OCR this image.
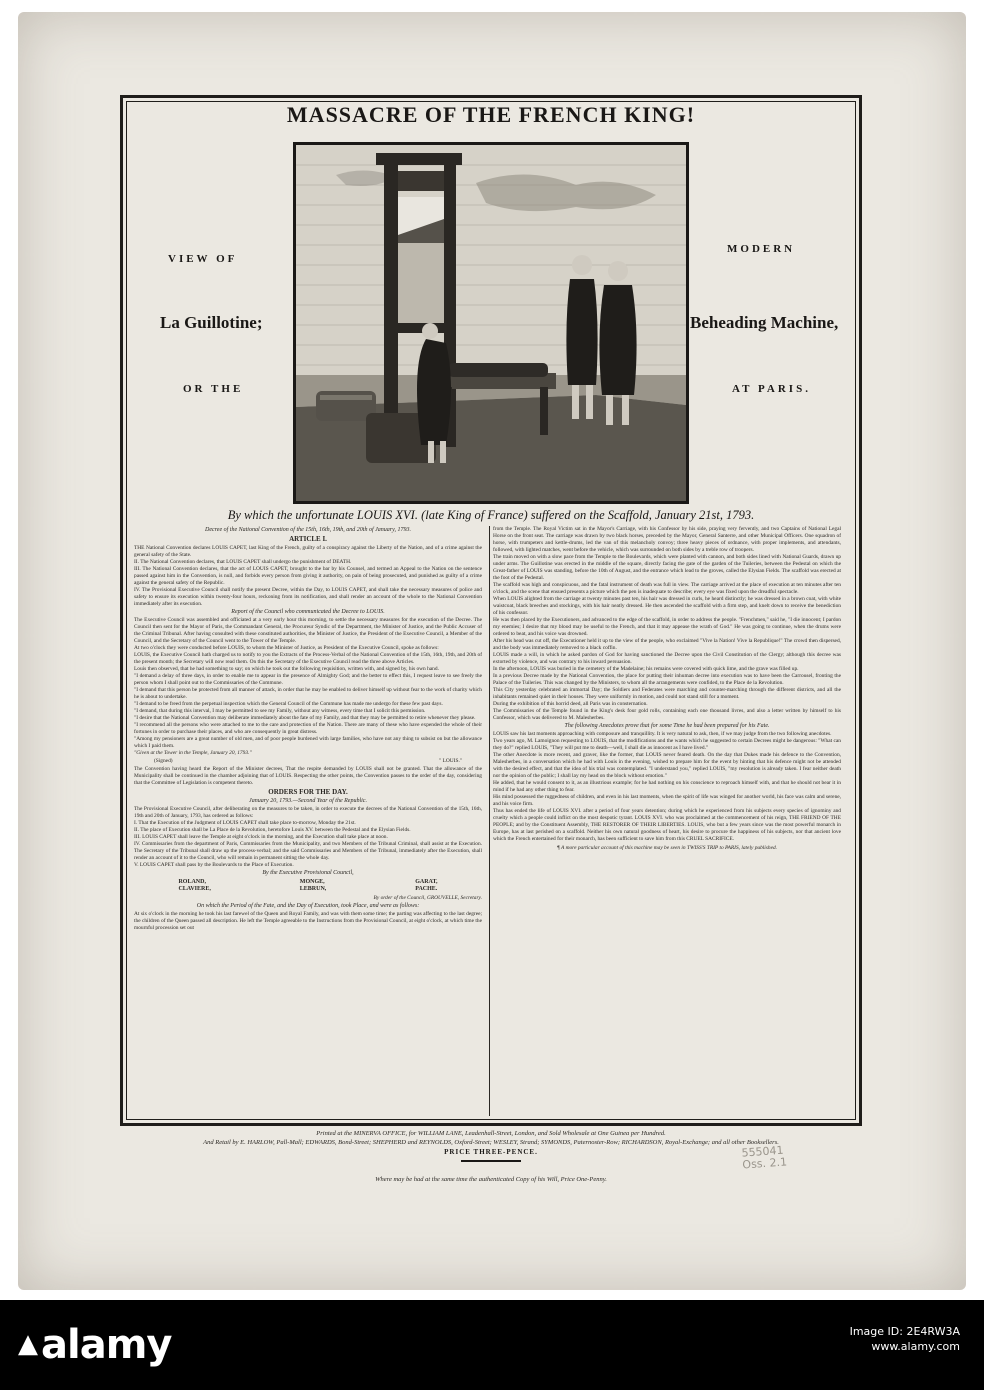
MASSACRE OF THE FRENCH KING!
VIEW OF
La Guillotine;
OR THE
MODERN
Beheading Machine,
AT PARIS.
By which the unfortunate LOUIS XVI. (late King of France) suffered on the Scaffold, January 21st, 1793.
Decree of the National Convention of the 15th, 16th, 19th, and 20th of January, 1793.
ARTICLE I.

THE National Convention declares LOUIS CAPET, last King of the French, guilty of a conspiracy against the Liberty of the Nation, and of a crime against the general safety of the State.

II. The National Convention declares, that LOUIS CAPET shall undergo the punishment of DEATH.

III. The National Convention declares, that the act of LOUIS CAPET, brought to the bar by his Counsel, and termed an Appeal to the Nation on the sentence passed against him in the Convention, is null, and forbids every person from giving it authority, on pain of being prosecuted, and punished as guilty of a crime against the general safety of the Republic.

IV. The Provisional Executive Council shall notify the present Decree, within the Day, to LOUIS CAPET, and shall take the necessary measures of police and safety to ensure its execution within twenty-four hours, reckoning from its notification, and shall render an account of the whole to the National Convention immediately after its execution.

Report of the Council who communicated the Decree to LOUIS.

The Executive Council was assembled and officiated at a very early hour this morning, to settle the necessary measures for the execution of the Decree. The Council then sent for the Mayor of Paris, the Commandant General, the Procureur Syndic of the Department, the Minister of Justice, and the Public Accuser of the Criminal Tribunal. After having consulted with these constituted authorities, the Minister of Justice, the President of the Executive Council, a Member of the Council, and the Secretary of the Council went to the Tower of the Temple.

At two o'clock they were conducted before LOUIS, to whom the Minister of Justice, as President of the Executive Council, spoke as follows:

LOUIS, the Executive Council hath charged us to notify to you the Extracts of the Process-Verbal of the National Convention of the 15th, 16th, 19th, and 20th of the present month; the Secretary will now read them. On this the Secretary of the Executive Council read the three above Articles.

Louis then observed, that he had something to say; on which he took out the following requisition, written with, and signed by, his own hand.

"I demand a delay of three days, in order to enable me to appear in the presence of Almighty God; and the better to effect this, I request leave to see freely the person whom I shall point out to the Commissaries of the Commune.

"I demand that this person be protected from all manner of attack, in order that he may be enabled to deliver himself up without fear to the work of charity which he is about to undertake.

"I demand to be freed from the perpetual inspection which the General Council of the Commune has made me undergo for these few past days.

"I demand, that during this interval, I may be permitted to see my Family, without any witness, every time that I solicit this permission.

"I desire that the National Convention may deliberate immediately about the fate of my Family, and that they may be permitted to retire whenever they please.

"I recommend all the persons who were attached to me to the care and protection of the Nation. There are many of these who have expended the whole of their fortunes in order to purchase their places, and who are consequently in great distress.

"Among my pensioners are a great number of old men, and of poor people burdened with large families, who have not any thing to subsist on but the allowance which I paid them.

"Given at the Tower in the Temple, January 20, 1793."

(Signed)	" LOUIS."

The Convention having heard the Report of the Minister decrees, That the respite demanded by LOUIS shall not be granted. That the allowance of the Municipality shall be continued in the chamber adjoining that of LOUIS. Respecting the other points, the Convention passes to the order of the day, considering that the Committee of Legislation is competent thereto.

ORDERS FOR THE DAY.
January 20, 1793.—Second Year of the Republic.

The Provisional Executive Council, after deliberating on the measures to be taken, in order to execute the decrees of the National Convention of the 15th, 16th, 19th and 20th of January, 1793, has ordered as follows:

I. That the Execution of the Judgment of LOUIS CAPET shall take place to-morrow, Monday the 21st.

II. The place of Execution shall be La Place de la Revolution, heretofore Louis XV. between the Pedestal and the Elysian Fields.

III. LOUIS CAPET shall leave the Temple at eight o'clock in the morning, and the Execution shall take place at noon.

IV. Commissaries from the department of Paris, Commissaries from the Municipality, and two Members of the Tribunal Criminal, shall assist at the Execution. The Secretary of the Tribunal shall draw up the process-verbal; and the said Commissaries and Members of the Tribunal, immediately after the Execution, shall render an account of it to the Council, who will remain in permanent sitting the whole day.

V. LOUIS CAPET shall pass by the Boulevards to the Place of Execution.

By the Executive Provisional Council,
ROLAND,
CLAVIERE,
MONGE,
LEBRUN,
GARAT,
PACHE.
By order of the Council, GROUVELLE, Secretary.
On which the Period of the Fate, and the Day of Execution, took Place, and were as follows:

At six o'clock in the morning he took his last farewel of the Queen and Royal Family, and was with them some time; the parting was affecting to the last degree; the children of the Queen passed all description. He left the Temple agreeable to the Instructions from the Provisional Council, at eight o'clock, at which time the mournful procession set out

from the Temple. The Royal Victim sat in the Mayor's Carriage, with his Confessor by his side, praying very fervently, and two Captains of National Legal Horse on the front seat. The carriage was drawn by two black horses, preceded by the Mayor, General Santerre, and other Municipal Officers. One squadron of horse, with trumpeters and kettle-drums, led the van of this melancholy convoy; three heavy pieces of ordnance, with proper implements, and attendants, followed, with lighted matches, went before the vehicle, which was surrounded on both sides by a treble row of troopers.

The train moved on with a slow pace from the Temple to the Boulevards, which were planted with cannon, and both sides lined with National Guards, drawn up under arms. The Guillotine was erected in the middle of the square, directly facing the gate of the garden of the Tuileries, between the Pedestal on which the Great-father of LOUIS was standing, before the 10th of August, and the entrance which lead to the groves, called the Elysian Fields. The scaffold was erected at the foot of the Pedestal.

The scaffold was high and conspicuous, and the fatal instrument of death was full in view. The carriage arrived at the place of execution at ten minutes after ten o'clock, and the scene that ensued presents a picture which the pen is inadequate to describe; every eye was fixed upon the dreadful spectacle.

When LOUIS alighted from the carriage at twenty minutes past ten, his hair was dressed in curls, he heard distinctly; he was dressed in a brown coat, with white waistcoat, black breeches and stockings, with his hair neatly dressed. He then ascended the scaffold with a firm step, and knelt down to receive the benediction of his confessor.

He was then placed by the Executioners, and advanced to the edge of the scaffold, in order to address the people. "Frenchmen," said he, "I die innocent; I pardon my enemies; I desire that my blood may be useful to the French, and that it may appease the wrath of God." He was going to continue, when the drums were ordered to beat, and his voice was drowned.

After his head was cut off, the Executioner held it up to the view of the people, who exclaimed "Vive la Nation! Vive la Republique!" The crowd then dispersed, and the body was immediately removed to a black coffin.

LOUIS made a will, in which he asked pardon of God for having sanctioned the Decree upon the Civil Constitution of the Clergy; although this decree was extorted by violence, and was contrary to his inward persuasion.

In the afternoon, LOUIS was buried in the cemetery of the Madelaine; his remains were covered with quick lime, and the grave was filled up.

In a previous Decree made by the National Convention, the place for putting their inhuman decree into execution was to have been the Carrousel, fronting the Palace of the Tuileries. This was changed by the Ministers, to whom all the arrangements were confided, to the Place de la Revolution.

This City yesterday celebrated an immortal Day; the Soldiers and Federates were marching and counter-marching through the different districts, and all the inhabitants remained quiet in their houses. They were uniformly in motion, and could not stand still for a moment.

During the exhibition of this horrid deed, all Paris was in consternation.

The Commissaries of the Temple found in the King's desk four gold rolls, containing each one thousand livres, and also a letter written by himself to his Confessor, which was delivered to M. Malesherbes.

The following Anecdotes prove that for some Time he had been prepared for his Fate.

LOUIS saw his last moments approaching with composure and tranquillity. It is very natural to ask, then, if we may judge from the two following anecdotes.

Two years ago, M. Lamoignon requesting to LOUIS, that the modifications and the wants which he suggested to certain Decrees might be dangerous: "What can they do?" replied LOUIS, "They will put me to death—well, I shall die as innocent as I have lived."

The other Anecdote is more recent, and graver, like the former, that LOUIS never feared death. On the day that Dukes made his defence to the Convention, Malesherbes, in a conversation which he had with Louis in the evening, wished to prepare him for the event by hinting that his defence might not be attended with the desired effect, and that the idea of his trial was contemplated. "I understand you," replied LOUIS, "my resolution is already taken. I fear neither death nor the opinion of the public; I shall lay my head on the block without emotion."

He added, that he would consent to it, as an illustrious example; for he had nothing on his conscience to reproach himself with, and that he should not bear it in mind if he had any other thing to fear.

His mind possessed the ruggedness of children, and even in his last moments, when the spirit of life was winged for another world, his face was calm and serene, and his voice firm.

Thus has ended the life of LOUIS XVI. after a period of four years detention; during which he experienced from his subjects every species of ignominy and cruelty which a people could inflict on the most despotic tyrant. LOUIS XVI. who was proclaimed at the commencement of his reign, THE FRIEND OF THE PEOPLE; and by the Constituent Assembly, THE RESTORER OF THEIR LIBERTIES. LOUIS, who but a few years since was the most powerful monarch in Europe, has at last perished on a scaffold. Neither his own natural goodness of heart, his desire to procure the happiness of his subjects, nor that ancient love which the French entertained for their monarch, has been sufficient to save him from this CRUEL SACRIFICE.

¶ A more particular account of this machine may be seen in TWISS'S TRIP to PARIS, lately published.

Printed at the MINERVA OFFICE, for WILLIAM LANE, Leadenhall-Street, London, and Sold Wholesale at One Guinea per Hundred.
And Retail by E. HARLOW, Pall-Mall; EDWARDS, Bond-Street; SHEPHERD and REYNOLDS, Oxford-Street; WESLEY, Strand; SYMONDS, Paternoster-Row; RICHARDSON, Royal-Exchange; and all other Booksellers.
PRICE THREE-PENCE.
Where may be had at the same time the authenticated Copy of his Will, Price One-Penny.
555041
Oss. 2.1
▲ alamy	Image ID: 2E4RW3A
www.alamy.com
